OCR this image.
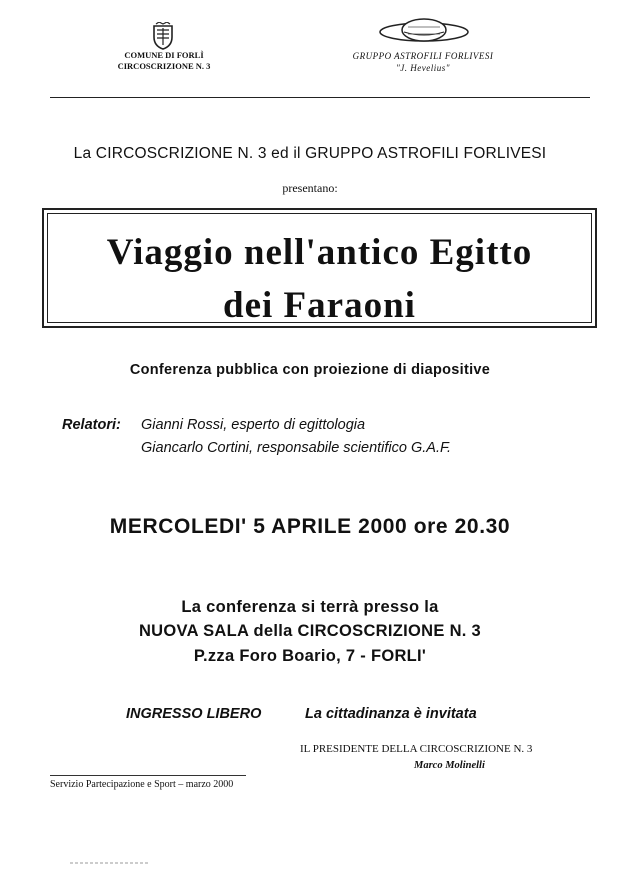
COMUNE DI FORLÌ
CIRCOSCRIZIONE N. 3
GRUPPO ASTROFILI FORLIVESI
"J. Hevelius"
La CIRCOSCRIZIONE N. 3 ed il GRUPPO ASTROFILI FORLIVESI
presentano:
Viaggio nell'antico Egitto
dei Faraoni
Conferenza pubblica con proiezione di diapositive
Relatori: Gianni Rossi, esperto di egittologia
Giancarlo Cortini, responsabile scientifico G.A.F.
MERCOLEDI' 5 APRILE 2000 ore 20.30
La conferenza si terrà presso la
NUOVA SALA della CIRCOSCRIZIONE N. 3
P.zza Foro Boario, 7 - FORLI'
INGRESSO LIBERO	La cittadinanza è invitata
IL PRESIDENTE DELLA CIRCOSCRIZIONE N. 3
Marco Molinelli
Servizio Partecipazione e Sport – marzo 2000
